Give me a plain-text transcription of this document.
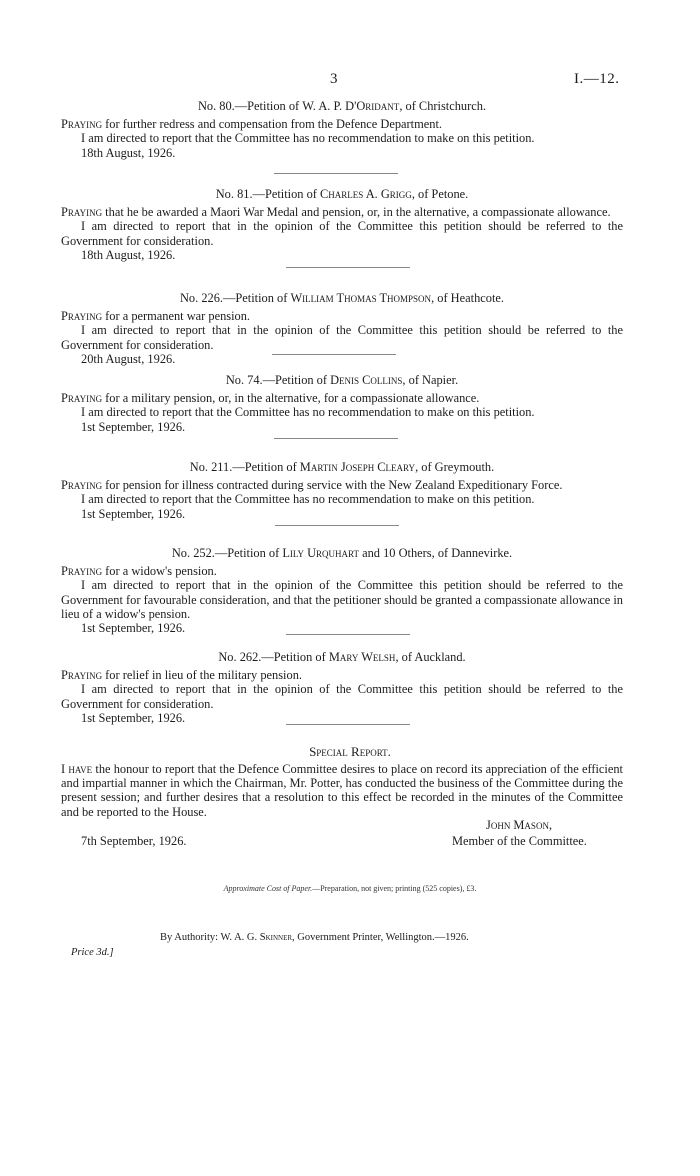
3	I.—12.
No. 80.—Petition of W. A. P. D'Oridant, of Christchurch.
Praying for further redress and compensation from the Defence Department.
I am directed to report that the Committee has no recommendation to make on this petition.
18th August, 1926.
No. 81.—Petition of Charles A. Grigg, of Petone.
Praying that he be awarded a Maori War Medal and pension, or, in the alternative, a compassionate allowance.
I am directed to report that in the opinion of the Committee this petition should be referred to the Government for consideration.
18th August, 1926.
No. 226.—Petition of William Thomas Thompson, of Heathcote.
Praying for a permanent war pension.
I am directed to report that in the opinion of the Committee this petition should be referred to the Government for consideration.
20th August, 1926.
No. 74.—Petition of Denis Collins, of Napier.
Praying for a military pension, or, in the alternative, for a compassionate allowance.
I am directed to report that the Committee has no recommendation to make on this petition.
1st September, 1926.
No. 211.—Petition of Martin Joseph Cleary, of Greymouth.
Praying for pension for illness contracted during service with the New Zealand Expeditionary Force.
I am directed to report that the Committee has no recommendation to make on this petition.
1st September, 1926.
No. 252.—Petition of Lily Urquhart and 10 Others, of Dannevirke.
Praying for a widow's pension.
I am directed to report that in the opinion of the Committee this petition should be referred to the Government for favourable consideration, and that the petitioner should be granted a compassionate allowance in lieu of a widow's pension.
1st September, 1926.
No. 262.—Petition of Mary Welsh, of Auckland.
Praying for relief in lieu of the military pension.
I am directed to report that in the opinion of the Committee this petition should be referred to the Government for consideration.
1st September, 1926.
Special Report.
I have the honour to report that the Defence Committee desires to place on record its appreciation of the efficient and impartial manner in which the Chairman, Mr. Potter, has conducted the business of the Committee during the present session; and further desires that a resolution to this effect be recorded in the minutes of the Committee and be reported to the House.
John Mason,
7th September, 1926.	Member of the Committee.
Approximate Cost of Paper.—Preparation, not given; printing (525 copies), £3.
By Authority: W. A. G. Skinner, Government Printer, Wellington.—1926.
Price 3d.]
